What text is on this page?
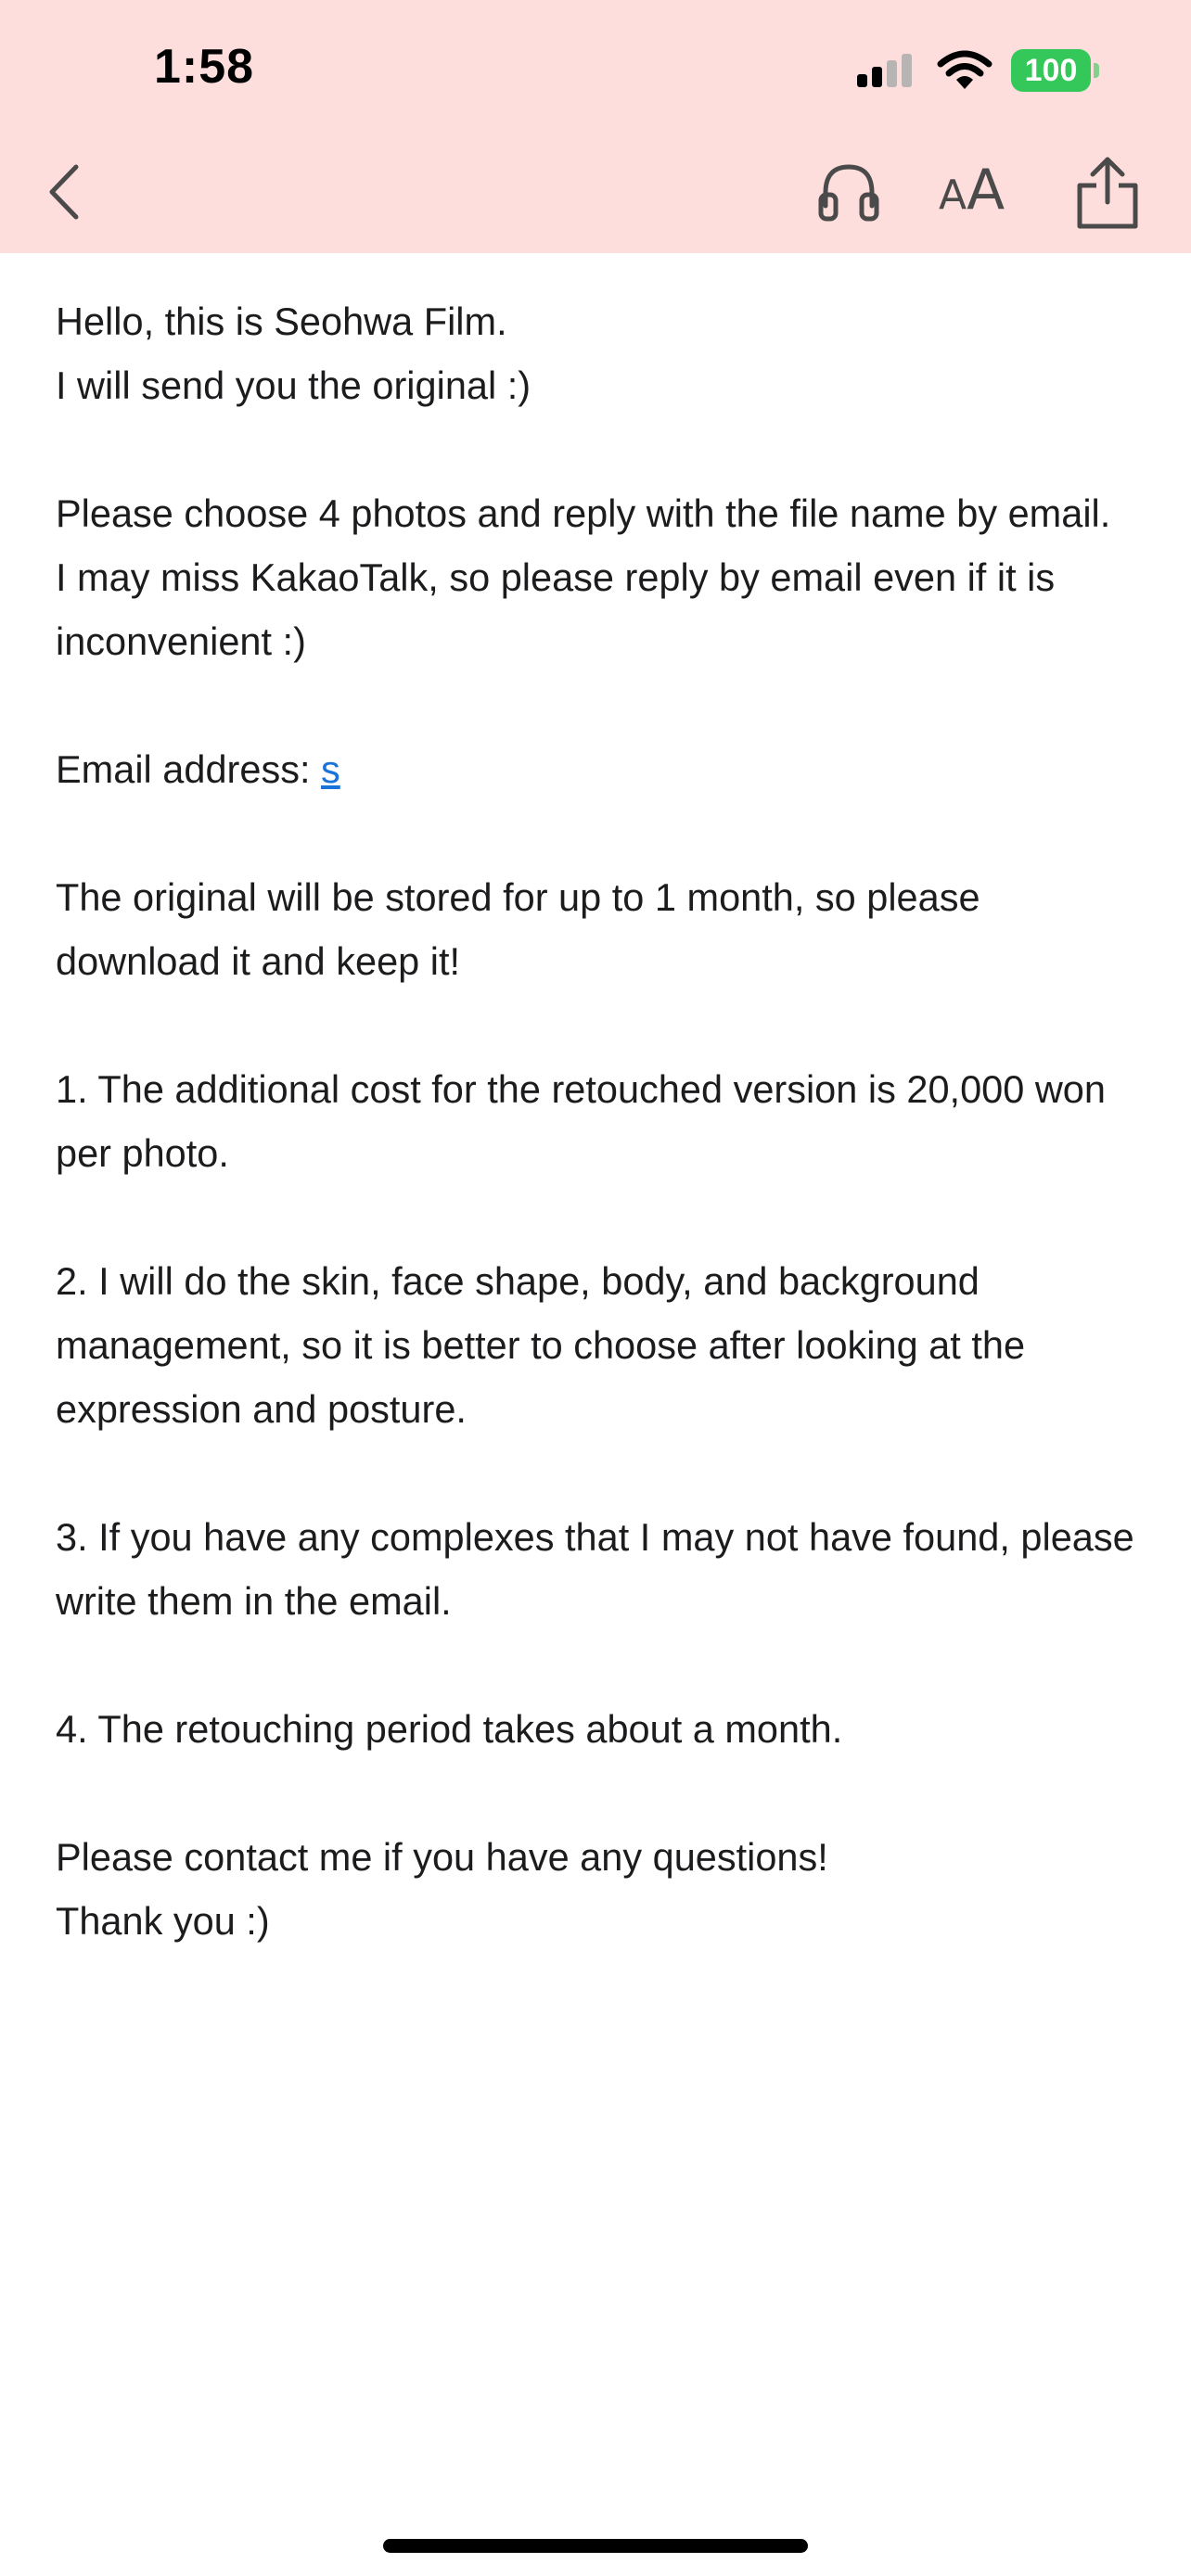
1:58	100
AA

Hello, this is Seohwa Film.
I will send you the original :)

Please choose 4 photos and reply with the file name by email.
I may miss KakaoTalk, so please reply by email even if it is inconvenient :)

Email address: s

The original will be stored for up to 1 month, so please download it and keep it!

1. The additional cost for the retouched version is 20,000 won per photo.

2. I will do the skin, face shape, body, and background management, so it is better to choose after looking at the expression and posture.

3. If you have any complexes that I may not have found, please write them in the email.

4. The retouching period takes about a month.

Please contact me if you have any questions!
Thank you :)
